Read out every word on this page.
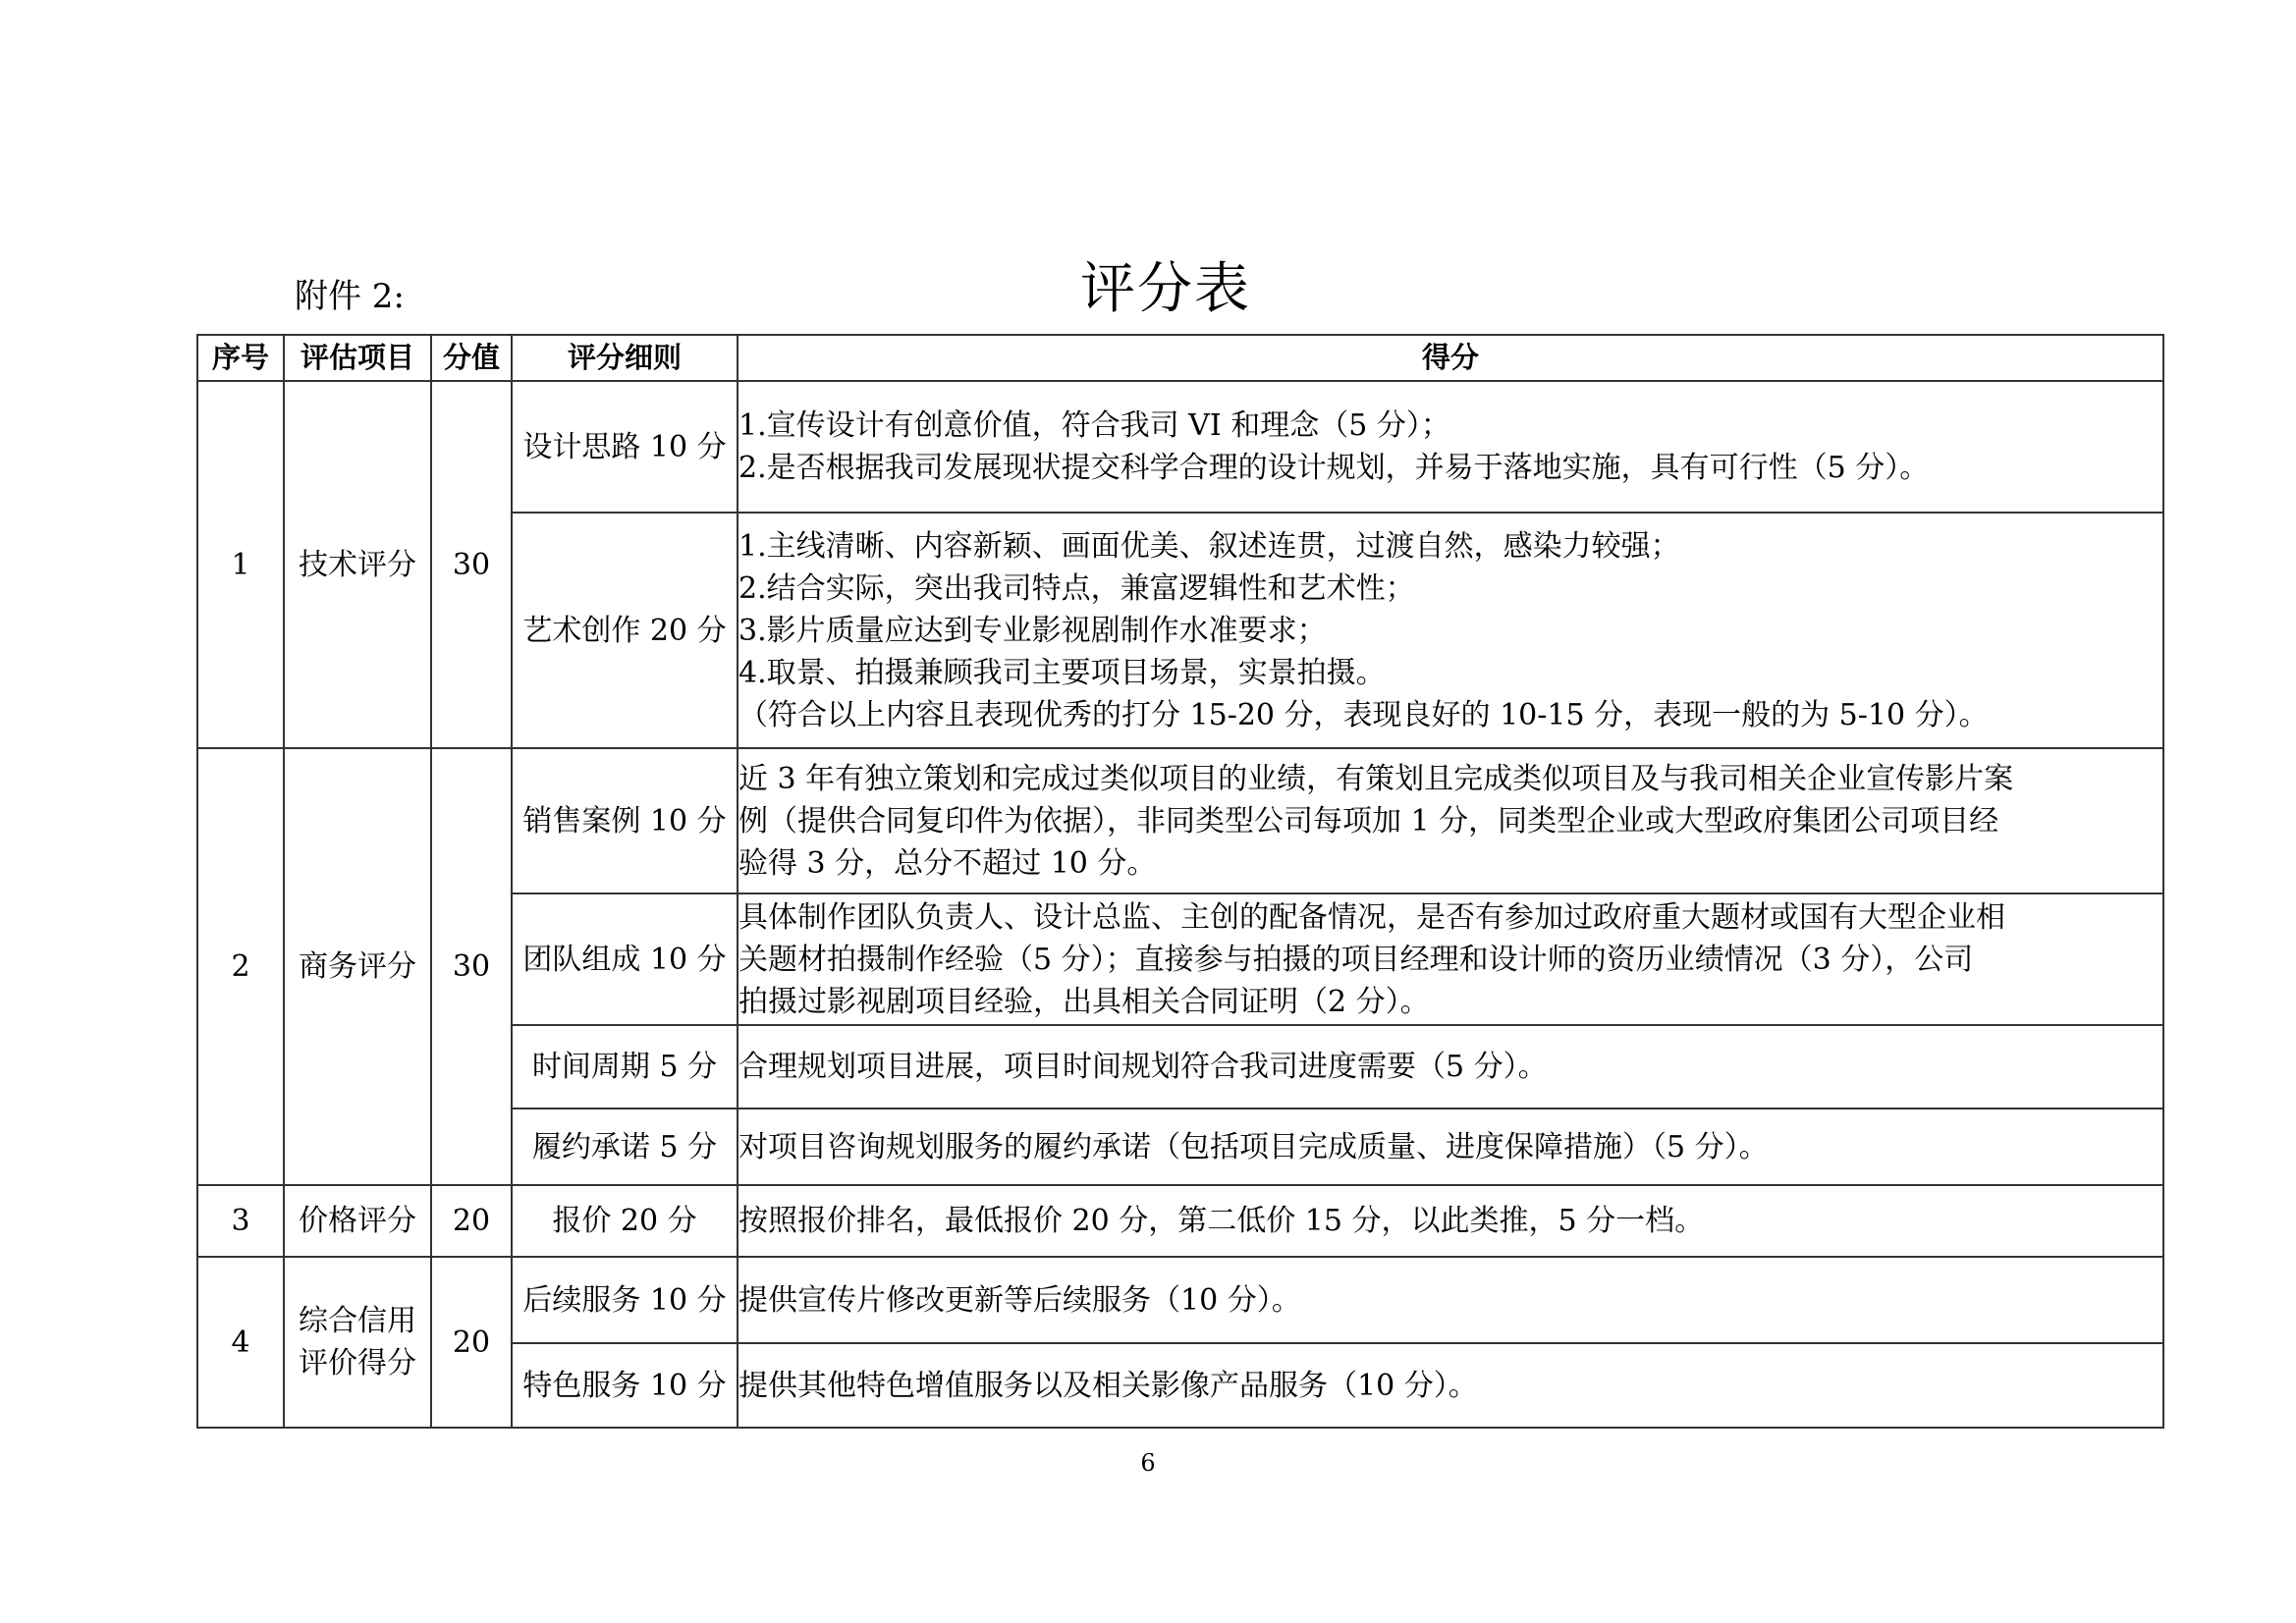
附件 2:	评分表
序号	评估项目	分值	评分细则	得分
1	技术评分	30	设计思路 10 分	1.宣传设计有创意价值，符合我司 VI 和理念（5 分）；
2.是否根据我司发展现状提交科学合理的设计规划，并易于落地实施，具有可行性（5 分）。

			艺术创作 20 分	1.主线清晰、内容新颖、画面优美、叙述连贯，过渡自然，感染力较强；
2.结合实际，突出我司特点，兼富逻辑性和艺术性；
3.影片质量应达到专业影视剧制作水准要求；
4.取景、拍摄兼顾我司主要项目场景，实景拍摄。
（符合以上内容且表现优秀的打分 15-20 分，表现良好的 10-15 分，表现一般的为 5-10 分）。

2	商务评分	30	销售案例 10 分	近 3 年有独立策划和完成过类似项目的业绩，有策划且完成类似项目及与我司相关企业宣传影片案
例（提供合同复印件为依据），非同类型公司每项加 1 分，同类型企业或大型政府集团公司项目经
验得 3 分，总分不超过 10 分。

			团队组成 10 分	具体制作团队负责人、设计总监、主创的配备情况，是否有参加过政府重大题材或国有大型企业相
关题材拍摄制作经验（5 分）；直接参与拍摄的项目经理和设计师的资历业绩情况（3 分），公司
拍摄过影视剧项目经验，出具相关合同证明（2 分）。

			时间周期 5 分	合理规划项目进展，项目时间规划符合我司进度需要（5 分）。

			履约承诺 5 分	对项目咨询规划服务的履约承诺（包括项目完成质量、进度保障措施）（5 分）。

3	价格评分	20	报价 20 分	按照报价排名，最低报价 20 分，第二低价 15 分，以此类推，5 分一档。

4	综合信用
评价得分	20	后续服务 10 分	提供宣传片修改更新等后续服务（10 分）。

			特色服务 10 分	提供其他特色增值服务以及相关影像产品服务（10 分）。
6
